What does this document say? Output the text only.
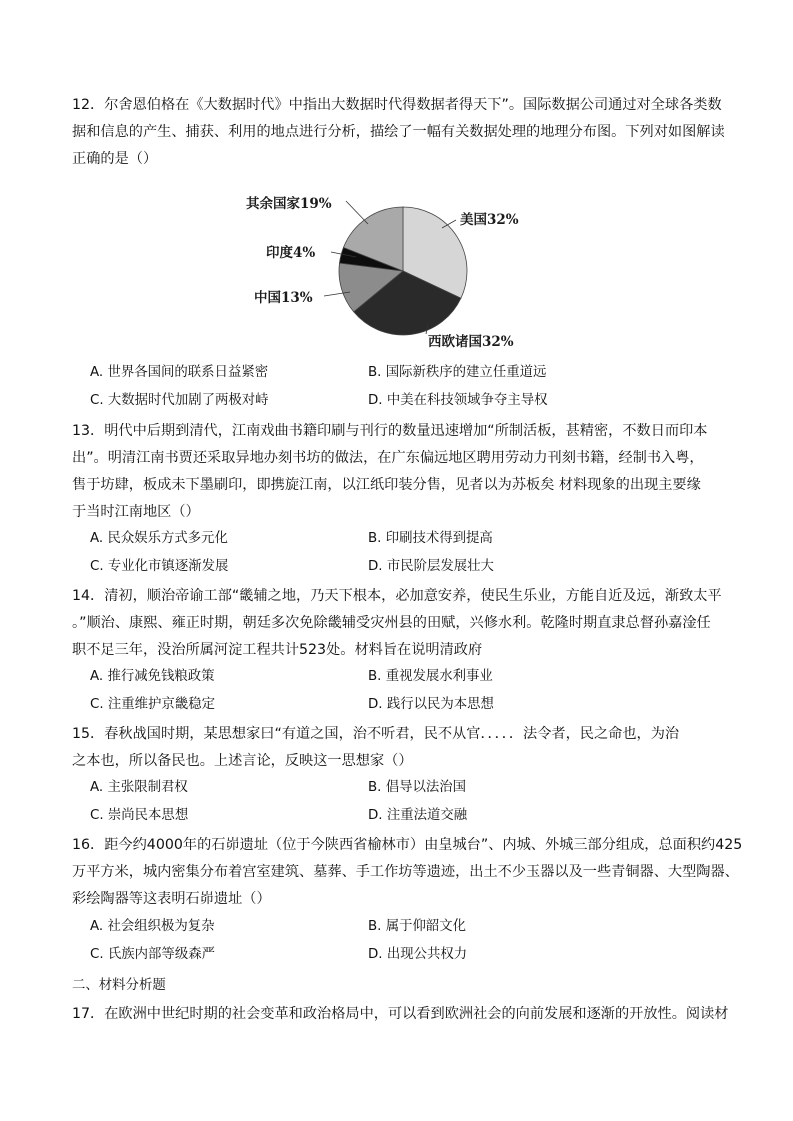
12．尔舍恩伯格在《大数据时代》中指出大数据时代得数据者得天下”。国际数据公司通过对全球各类数
据和信息的产生、捕获、利用的地点进行分析，描绘了一幅有关数据处理的地理分布图。下列对如图解读
正确的是（）
其余国家19%
美国32%
印度4%
中国13%
西欧诸国32%
A. 世界各国间的联系日益紧密	B. 国际新秩序的建立任重道远
C. 大数据时代加剧了两极对峙	D. 中美在科技领域争夺主导权
13．明代中后期到清代，江南戏曲书籍印刷与刊行的数量迅速增加“所制活板，甚精密，不数日而印本
出”。明清江南书贾还采取异地办刻书坊的做法，在广东偏远地区聘用劳动力刊刻书籍，经制书入粤，
售于坊肆，板成未下墨刷印，即携旋江南，以江纸印装分售，见者以为苏板矣 材料现象的出现主要缘
于当时江南地区（）
A. 民众娱乐方式多元化	B. 印刷技术得到提高
C. 专业化市镇逐渐发展	D. 市民阶层发展壮大
14．清初，顺治帝谕工部“畿辅之地，乃天下根本，必加意安养，使民生乐业，方能自近及远，渐致太平
。”顺治、康熙、雍正时期，朝廷多次免除畿辅受灾州县的田赋，兴修水利。乾隆时期直隶总督孙嘉淦任
职不足三年，没治所属河淀工程共计523处。材料旨在说明清政府
A. 推行减免钱粮政策	B. 重视发展水利事业
C. 注重维护京畿稳定	D. 践行以民为本思想
15．春秋战国时期，某思想家曰“有道之国，治不听君，民不从官．．．．．法令者，民之命也，为治
之本也，所以备民也。上述言论，反映这一思想家（）
A. 主张限制君权	B. 倡导以法治国
C. 崇尚民本思想	D. 注重法道交融
16．距今约4000年的石峁遗址（位于今陕西省榆林市）由皇城台”、内城、外城三部分组成，总面积约425
万平方米，城内密集分布着宫室建筑、墓葬、手工作坊等遗迹，出土不少玉器以及一些青铜器、大型陶器、
彩绘陶器等这表明石峁遗址（）
A. 社会组织极为复杂	B. 属于仰韶文化
C. 氏族内部等级森严	D. 出现公共权力
二、材料分析题
17．在欧洲中世纪时期的社会变革和政治格局中，可以看到欧洲社会的向前发展和逐渐的开放性。阅读材
